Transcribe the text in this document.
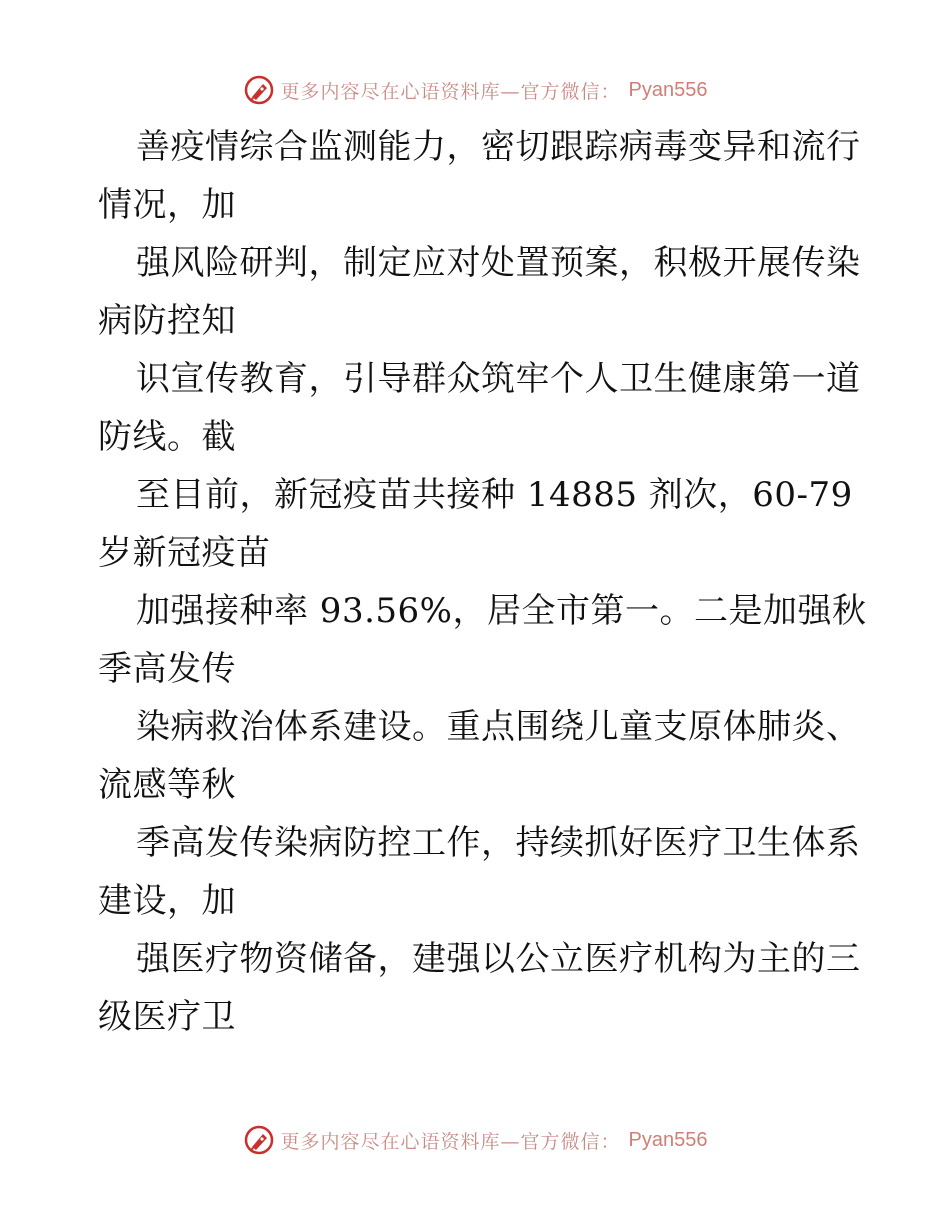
更多内容尽在心语资料库—官方微信： Pyan556
善疫情综合监测能力，密切跟踪病毒变异和流行
情况，加
强风险研判，制定应对处置预案，积极开展传染
病防控知
识宣传教育，引导群众筑牢个人卫生健康第一道
防线。截
至目前，新冠疫苗共接种 14885 剂次，60-79
岁新冠疫苗
加强接种率 93.56%，居全市第一。二是加强秋
季高发传
染病救治体系建设。重点围绕儿童支原体肺炎、
流感等秋
季高发传染病防控工作，持续抓好医疗卫生体系
建设，加
强医疗物资储备，建强以公立医疗机构为主的三
级医疗卫
更多内容尽在心语资料库—官方微信： Pyan556
